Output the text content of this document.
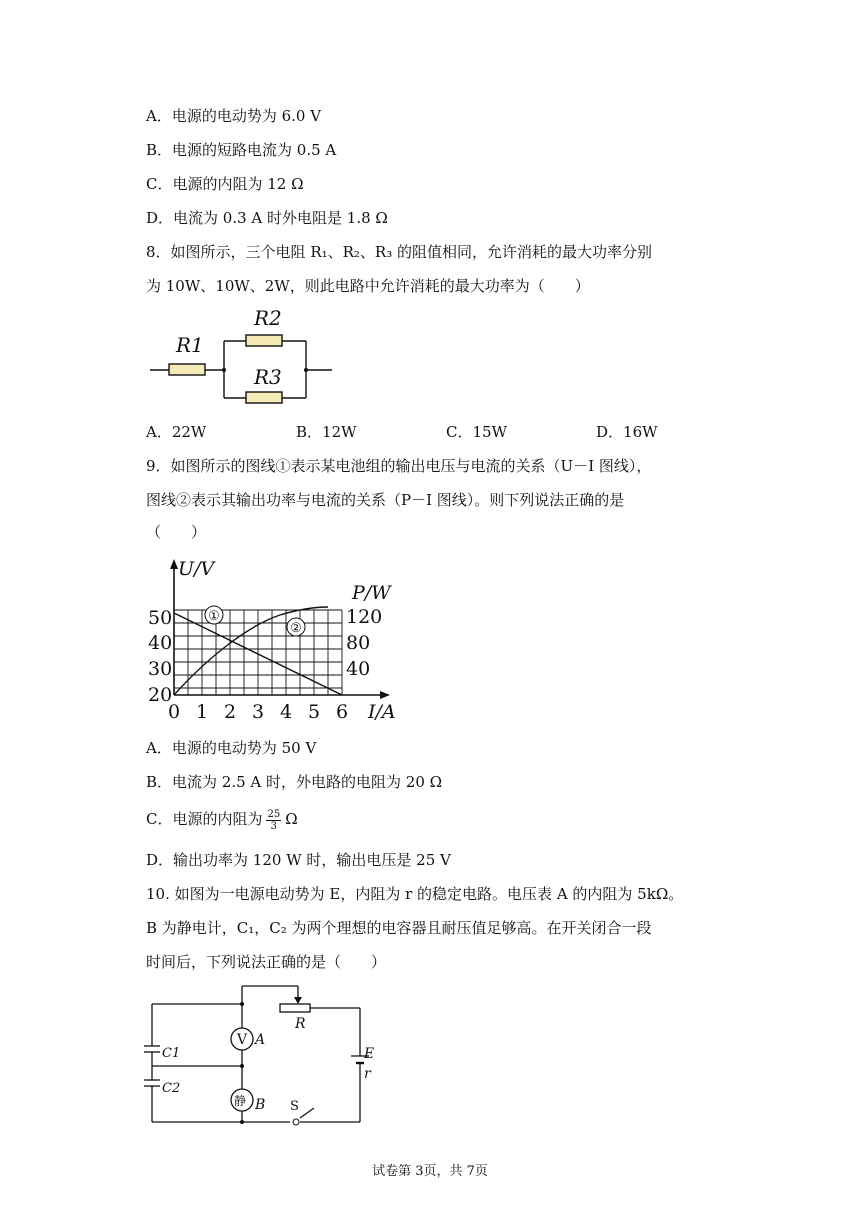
A．电源的电动势为 6.0 V
B．电源的短路电流为 0.5 A
C．电源的内阻为 12 Ω
D．电流为 0.3 A 时外电阻是 1.8 Ω
8．如图所示，三个电阻 R₁、R₂、R₃ 的阻值相同，允许消耗的最大功率分别
为 10W、10W、2W，则此电路中允许消耗的最大功率为（　　）
R1
R2
R3
A．22W	B．12W	C．15W	D．16W
9．如图所示的图线①表示某电池组的输出电压与电流的关系（U－I 图线），
图线②表示其输出功率与电流的关系（P－I 图线）。则下列说法正确的是
（　　）
①
②
U/V
P/W
I/A
50
40
30
20
120
80
40
0 1 2 3 4 5 6
A．电源的电动势为 50 V
B．电流为 2.5 A 时，外电路的电阻为 20 Ω
C．电源的内阻为 $\frac{25}{3}$ Ω
D．输出功率为 120 W 时，输出电压是 25 V
10. 如图为一电源电动势为 E，内阻为 r 的稳定电路。电压表 A 的内阻为 5kΩ。
B 为静电计，C₁，C₂ 为两个理想的电容器且耐压值足够高。在开关闭合一段
时间后，下列说法正确的是（　　）
V A
静 B
C1
C2
R
E
r
S
试卷第 3页，共 7页
